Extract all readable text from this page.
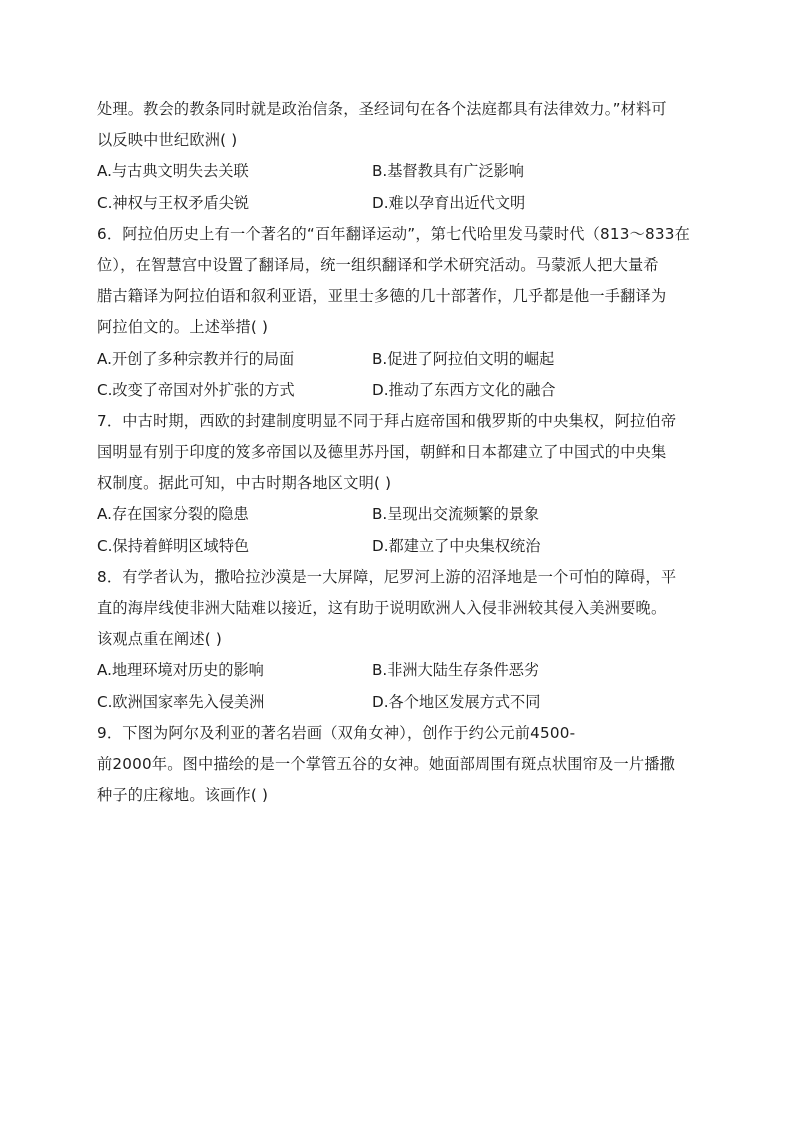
处理。教会的教条同时就是政治信条，圣经词句在各个法庭都具有法律效力。”材料可
以反映中世纪欧洲( )
A.与古典文明失去关联	B.基督教具有广泛影响
C.神权与王权矛盾尖锐	D.难以孕育出近代文明
6．阿拉伯历史上有一个著名的“百年翻译运动”，第七代哈里发马蒙时代（813～833在
位），在智慧宫中设置了翻译局，统一组织翻译和学术研究活动。马蒙派人把大量希
腊古籍译为阿拉伯语和叙利亚语，亚里士多德的几十部著作，几乎都是他一手翻译为
阿拉伯文的。上述举措( )
A.开创了多种宗教并行的局面	B.促进了阿拉伯文明的崛起
C.改变了帝国对外扩张的方式	D.推动了东西方文化的融合
7．中古时期，西欧的封建制度明显不同于拜占庭帝国和俄罗斯的中央集权，阿拉伯帝
国明显有别于印度的笈多帝国以及德里苏丹国，朝鲜和日本都建立了中国式的中央集
权制度。据此可知，中古时期各地区文明( )
A.存在国家分裂的隐患	B.呈现出交流频繁的景象
C.保持着鲜明区域特色	D.都建立了中央集权统治
8．有学者认为，撒哈拉沙漠是一大屏障，尼罗河上游的沼泽地是一个可怕的障碍，平
直的海岸线使非洲大陆难以接近，这有助于说明欧洲人入侵非洲较其侵入美洲要晚。
该观点重在阐述( )
A.地理环境对历史的影响	B.非洲大陆生存条件恶劣
C.欧洲国家率先入侵美洲	D.各个地区发展方式不同
9．下图为阿尔及利亚的著名岩画（双角女神），创作于约公元前4500-
前2000年。图中描绘的是一个掌管五谷的女神。她面部周围有斑点状围帘及一片播撒
种子的庄稼地。该画作( )
